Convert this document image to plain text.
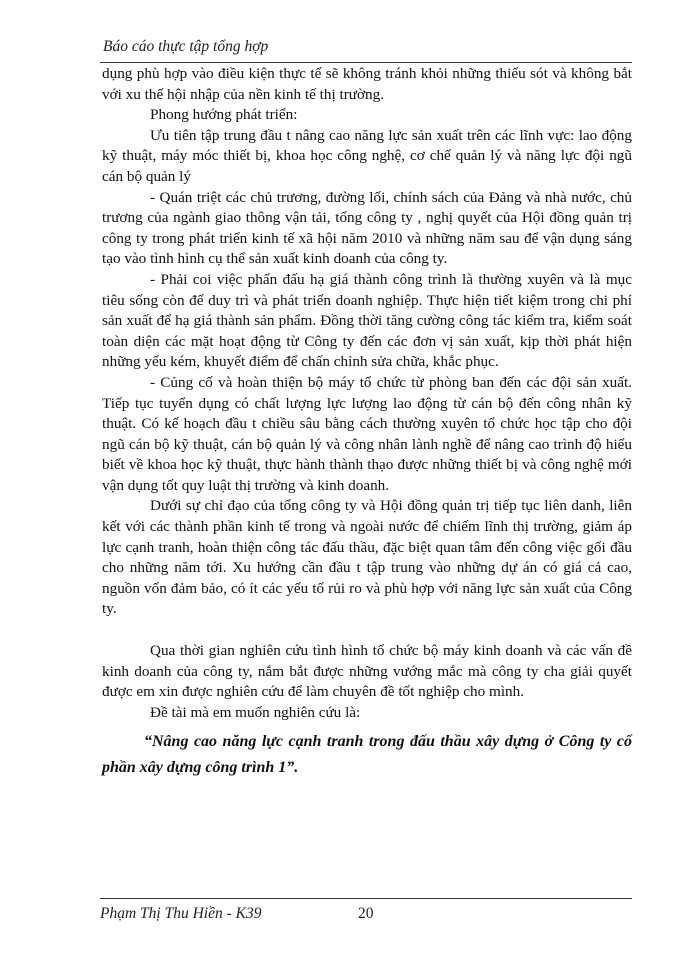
Báo cáo thực tập tổng hợp

dụng phù hợp vào điều kiện thực tế sẽ không tránh khỏi những thiếu sót và không bắt với xu thế hội nhập của nền kinh tế thị trường.

Phong hướng phát triển:

Ưu tiên tập trung đầu t nâng cao năng lực sản xuất trên các lĩnh vực: lao động kỹ thuật, máy móc thiết bị, khoa học công nghệ, cơ chế quản lý và năng lực đội ngũ cán bộ quản lý

- Quán triệt các chủ trương, đường lối, chính sách của Đảng và nhà nước, chủ trương của ngành giao thông vận tải, tổng công ty , nghị quyết của Hội đồng quản trị công ty trong phát triển kinh tế xã hội năm 2010 và những năm sau để vận dụng sáng tạo vào tình hình cụ thể sản xuất kinh doanh của công ty.

- Phải coi việc phấn đấu hạ giá thành công trình là thường xuyên và là mục tiêu sống còn để duy trì và phát triển doanh nghiệp. Thực hiện tiết kiệm trong chi phí sản xuất để hạ giá thành sản phẩm. Đồng thời tăng cường công tác kiểm tra, kiểm soát toàn diện các mặt hoạt động từ Công ty đến các đơn vị sản xuất, kịp thời phát hiện những yếu kém, khuyết điểm để chấn chỉnh sửa chữa, khắc phục.

- Củng cố và hoàn thiện bộ máy tổ chức từ phòng ban đến các đội sản xuất. Tiếp tục tuyển dụng có chất lượng lực lượng lao động từ cán bộ đến công nhân kỹ thuật. Có kế hoạch đầu t chiều sâu bằng cách thường xuyên tổ chức học tập cho đội ngũ cán bộ kỹ thuật, cán bộ quản lý và công nhân lành nghề để nâng cao trình độ hiểu biết về khoa học kỹ thuật, thực hành thành thạo được những thiết bị và công nghệ mới vận dụng tốt quy luật thị trường và kinh doanh.

Dưới sự chỉ đạo của tổng công ty và Hội đồng quản trị tiếp tục liên danh, liên kết với các thành phần kinh tế trong và ngoài nước để chiếm lĩnh thị trường, giảm áp lực cạnh tranh, hoàn thiện công tác đấu thầu, đặc biệt quan tâm đến công việc gối đầu cho những năm tới. Xu hướng cần đầu t tập trung vào những dự án có giá cả cao, nguồn vốn đảm bảo, có ít các yếu tố rủi ro và phù hợp với năng lực sản xuất của Công ty.

Qua thời gian nghiên cứu tình hình tổ chức bộ máy kinh doanh và các vấn đề kinh doanh của công ty, nắm bắt được những vướng mắc mà công ty cha giải quyết được em xin được nghiên cứu để làm chuyên đề tốt nghiệp cho mình.

Đề tài mà em muốn nghiên cứu là:

“Nâng cao năng lực cạnh tranh trong đấu thầu xây dựng ở Công ty cổ phần xây dựng công trình 1”.

Phạm Thị Thu Hiền - K39	20
